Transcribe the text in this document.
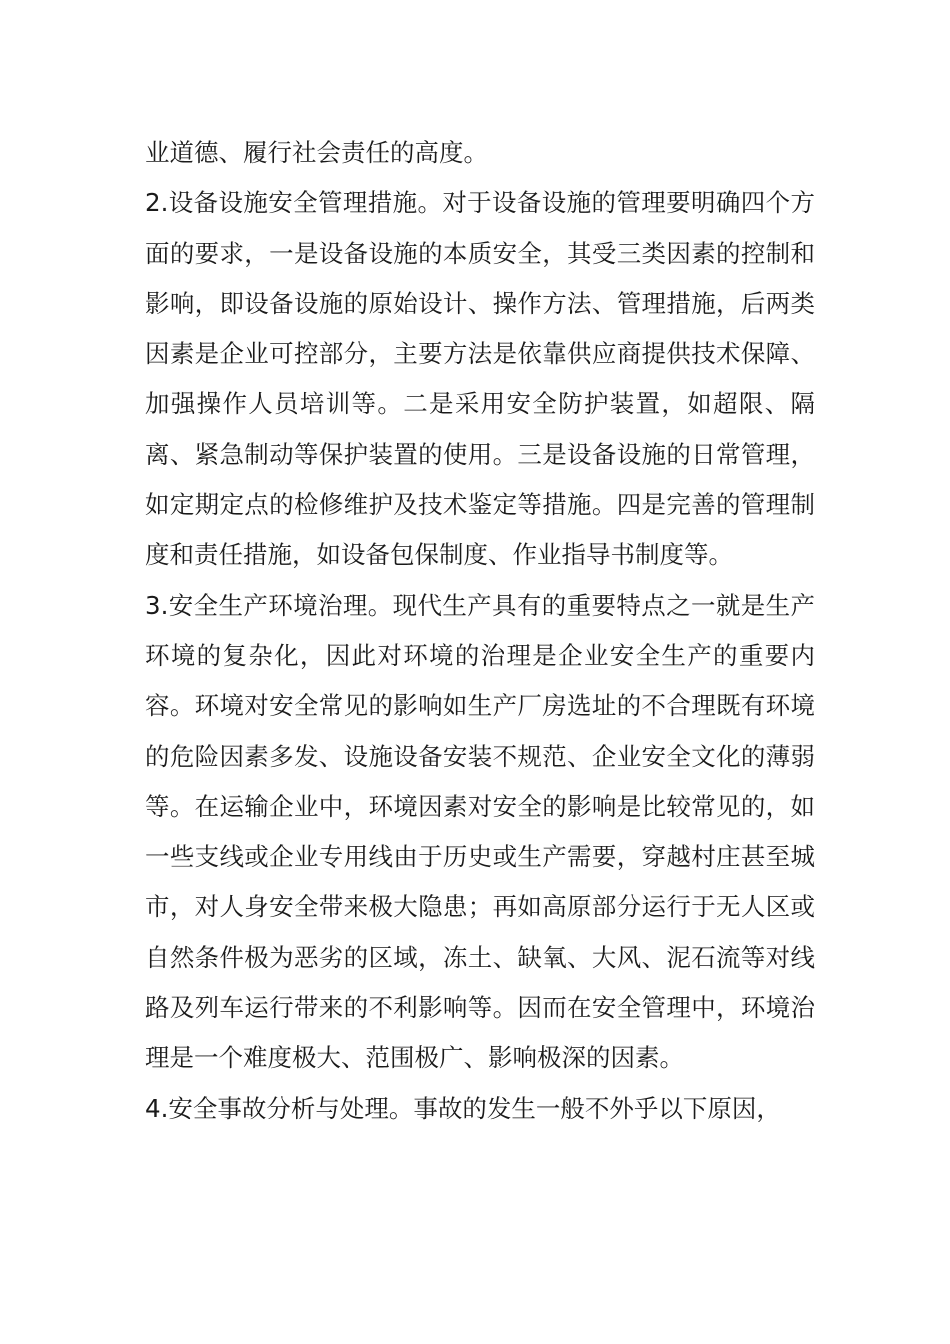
业道德、履行社会责任的高度。

2.设备设施安全管理措施。对于设备设施的管理要明确四个方面的要求，一是设备设施的本质安全，其受三类因素的控制和影响，即设备设施的原始设计、操作方法、管理措施，后两类因素是企业可控部分，主要方法是依靠供应商提供技术保障、加强操作人员培训等。二是采用安全防护装置，如超限、隔离、紧急制动等保护装置的使用。三是设备设施的日常管理，如定期定点的检修维护及技术鉴定等措施。四是完善的管理制度和责任措施，如设备包保制度、作业指导书制度等。

3.安全生产环境治理。现代生产具有的重要特点之一就是生产环境的复杂化，因此对环境的治理是企业安全生产的重要内容。环境对安全常见的影响如生产厂房选址的不合理既有环境的危险因素多发、设施设备安装不规范、企业安全文化的薄弱等。在运输企业中，环境因素对安全的影响是比较常见的，如一些支线或企业专用线由于历史或生产需要，穿越村庄甚至城市，对人身安全带来极大隐患；再如高原部分运行于无人区或自然条件极为恶劣的区域，冻土、缺氧、大风、泥石流等对线路及列车运行带来的不利影响等。因而在安全管理中，环境治理是一个难度极大、范围极广、影响极深的因素。

4.安全事故分析与处理。事故的发生一般不外乎以下原因，
